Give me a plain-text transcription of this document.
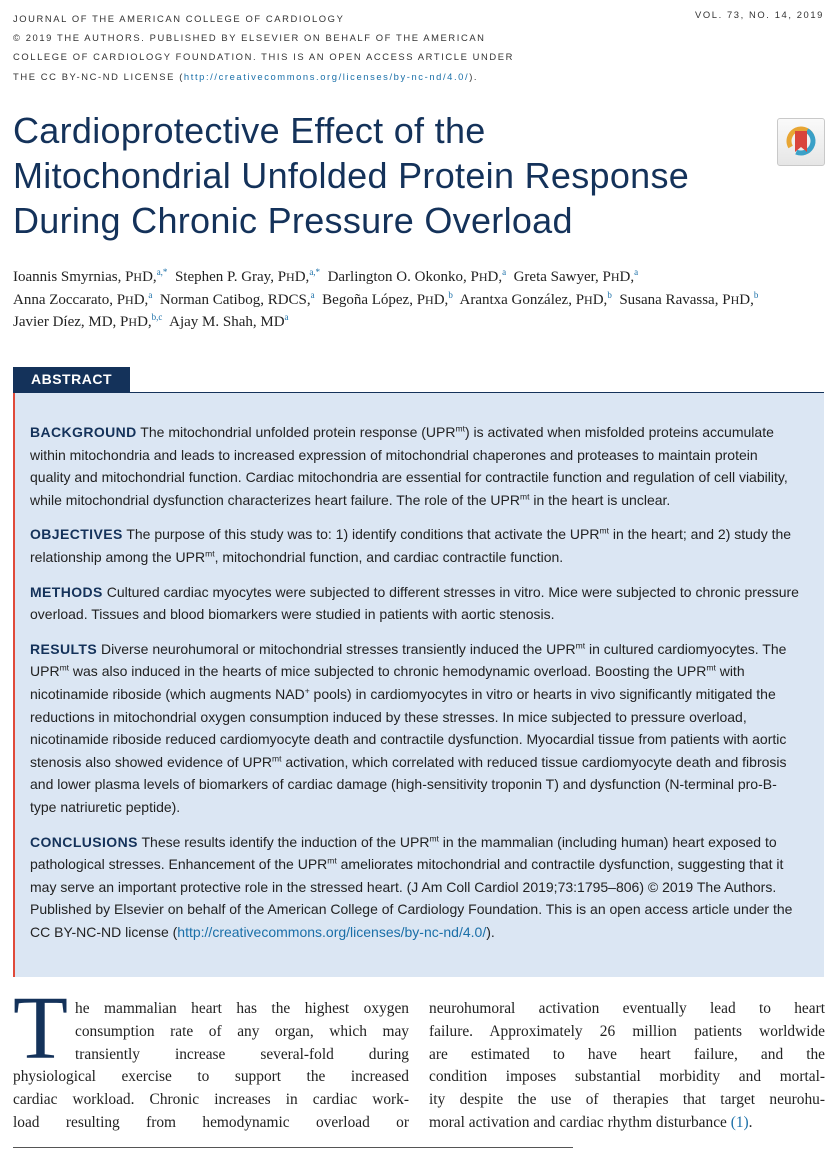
JOURNAL OF THE AMERICAN COLLEGE OF CARDIOLOGY
© 2019 THE AUTHORS. PUBLISHED BY ELSEVIER ON BEHALF OF THE AMERICAN
COLLEGE OF CARDIOLOGY FOUNDATION. THIS IS AN OPEN ACCESS ARTICLE UNDER
THE CC BY-NC-ND LICENSE (http://creativecommons.org/licenses/by-nc-nd/4.0/).
VOL. 73, NO. 14, 2019
Cardioprotective Effect of the
Mitochondrial Unfolded Protein Response
During Chronic Pressure Overload
Ioannis Smyrnias, PHD,$^{a,*}$ Stephen P. Gray, PHD,$^{a,*}$ Darlington O. Okonko, PHD,$^a$ Greta Sawyer, PHD,$^a$
Anna Zoccarato, PHD,$^a$ Norman Catibog, RDCS,$^a$ Begoña López, PHD,$^b$ Arantxa González, PHD,$^b$ Susana Ravassa, PHD,$^b$
Javier Díez, MD, PHD,$^{b,c}$ Ajay M. Shah, $MD^a$
ABSTRACT

BACKGROUND The mitochondrial unfolded protein response $(UPR^{mt})$ is activated when misfolded proteins accumulate within mitochondria and leads to increased expression of mitochondrial chaperones and proteases to maintain protein quality and mitochondrial function. Cardiac mitochondria are essential for contractile function and regulation of cell viability, while mitochondrial dysfunction characterizes heart failure. The role of the $UPR^{mt}$ in the heart is unclear.

OBJECTIVES The purpose of this study was to: 1) identify conditions that activate the $UPR^{mt}$ in the heart; and 2) study the relationship among the $UPR^{mt}$, mitochondrial function, and cardiac contractile function.

METHODS Cultured cardiac myocytes were subjected to different stresses in vitro. Mice were subjected to chronic pressure overload. Tissues and blood biomarkers were studied in patients with aortic stenosis.

RESULTS Diverse neurohumoral or mitochondrial stresses transiently induced the $UPR^{mt}$ in cultured cardiomyocytes. The $UPR^{mt}$ was also induced in the hearts of mice subjected to chronic hemodynamic overload. Boosting the $UPR^{mt}$ with nicotinamide riboside (which augments NAD+ pools) in cardiomyocytes in vitro or hearts in vivo significantly mitigated the reductions in mitochondrial oxygen consumption induced by these stresses. In mice subjected to pressure overload, nicotinamide riboside reduced cardiomyocyte death and contractile dysfunction. Myocardial tissue from patients with aortic stenosis also showed evidence of $UPR^{mt}$ activation, which correlated with reduced tissue cardiomyocyte death and fibrosis and lower plasma levels of biomarkers of cardiac damage (high-sensitivity troponin T) and dysfunction (N-terminal pro-B-type natriuretic peptide).

CONCLUSIONS These results identify the induction of the $UPR^{mt}$ in the mammalian (including human) heart exposed to pathological stresses. Enhancement of the $UPR^{mt}$ ameliorates mitochondrial and contractile dysfunction, suggesting that it may serve an important protective role in the stressed heart. (J Am Coll Cardiol 2019;73:1795–806) © 2019 The Authors. Published by Elsevier on behalf of the American College of Cardiology Foundation. This is an open access article under the CC BY-NC-ND license (http://creativecommons.org/licenses/by-nc-nd/4.0/).

T he mammalian heart has the highest oxygen
consumption rate of any organ, which may
transiently increase several-fold during
physiological exercise to support the increased
cardiac workload. Chronic increases in cardiac work-
load resulting from hemodynamic overload or
neurohumoral activation eventually lead to heart
failure. Approximately 26 million patients worldwide
are estimated to have heart failure, and the
condition imposes substantial morbidity and mortal-
ity despite the use of therapies that target neurohu-
moral activation and cardiac rhythm disturbance (1).
